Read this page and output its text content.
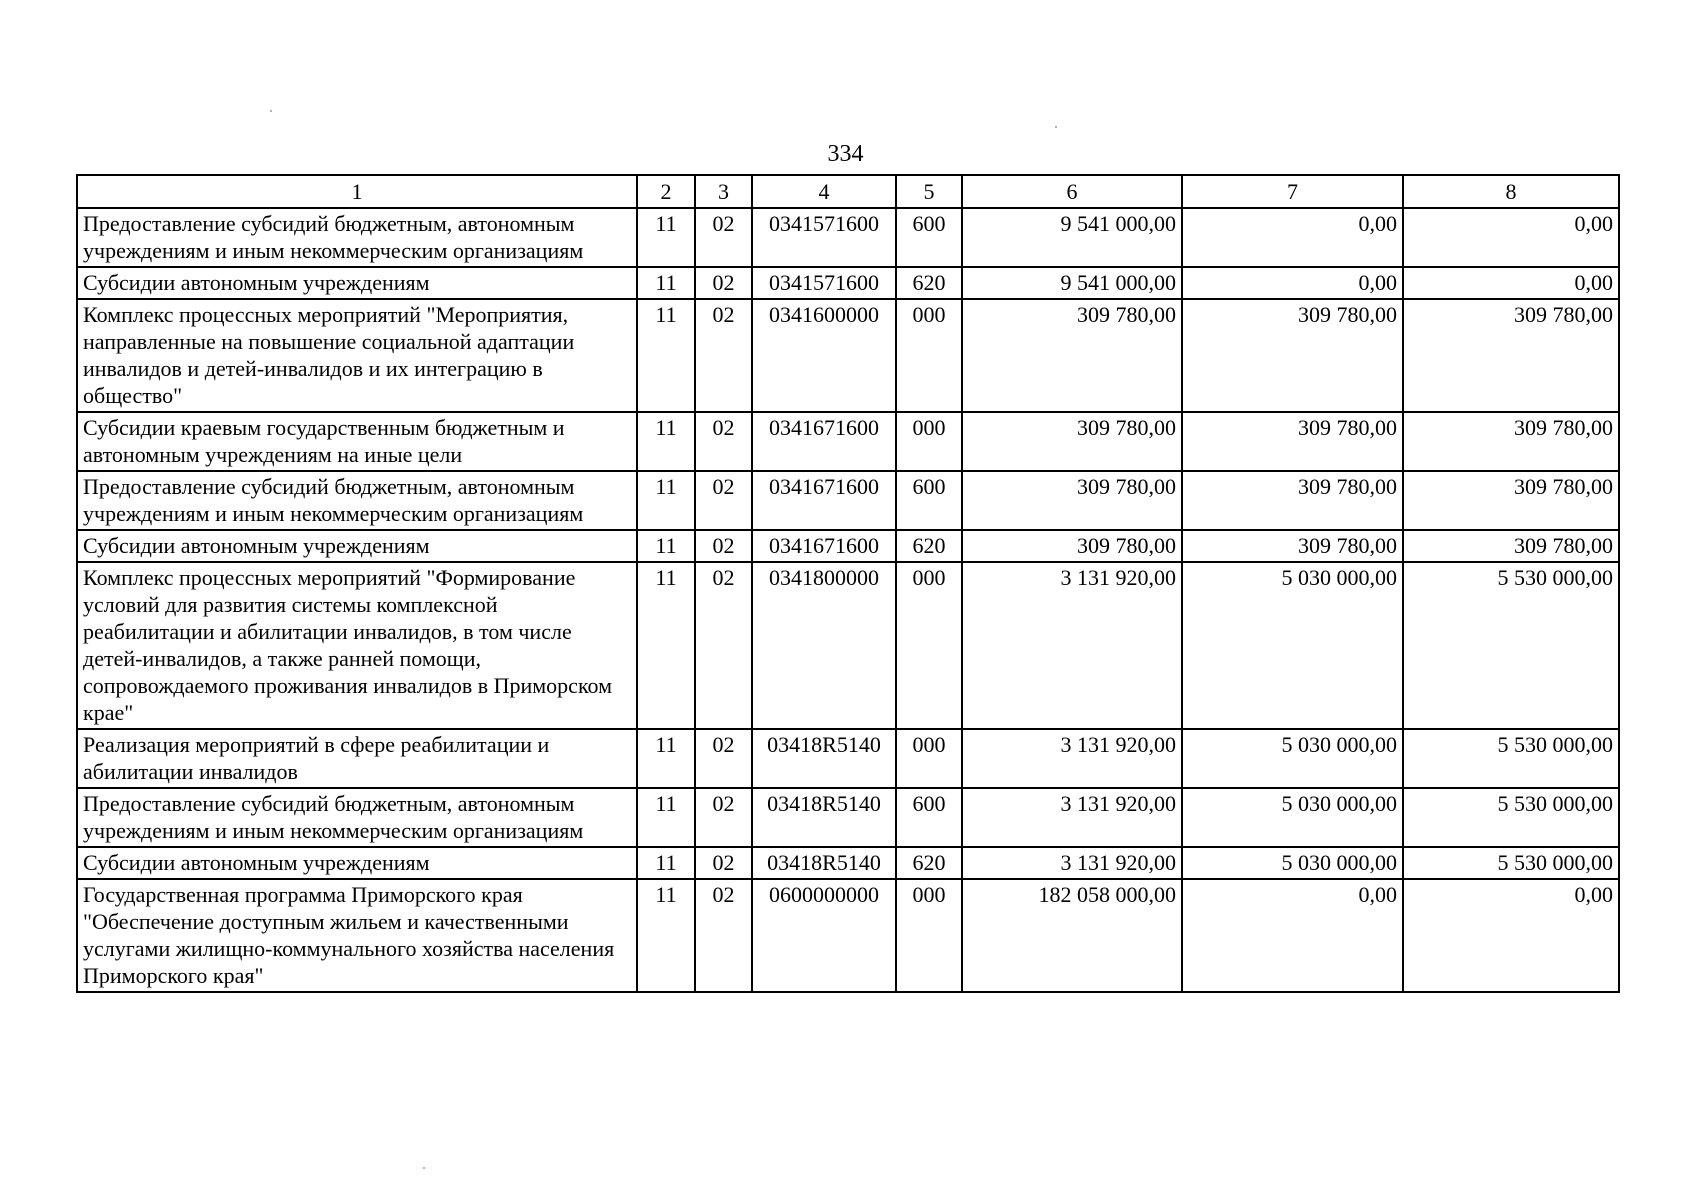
334
1	2	3	4	5	6	7	8
Предоставление субсидий бюджетным, автономным учреждениям и иным некоммерческим организациям	11	02	0341571600	600	9 541 000,00	0,00	0,00
Субсидии автономным учреждениям	11	02	0341571600	620	9 541 000,00	0,00	0,00
Комплекс процессных мероприятий "Мероприятия, направленные на повышение социальной адаптации инвалидов и детей-инвалидов и их интеграцию в общество"	11	02	0341600000	000	309 780,00	309 780,00	309 780,00
Субсидии краевым государственным бюджетным и автономным учреждениям на иные цели	11	02	0341671600	000	309 780,00	309 780,00	309 780,00
Предоставление субсидий бюджетным, автономным учреждениям и иным некоммерческим организациям	11	02	0341671600	600	309 780,00	309 780,00	309 780,00
Субсидии автономным учреждениям	11	02	0341671600	620	309 780,00	309 780,00	309 780,00
Комплекс процессных мероприятий "Формирование условий для развития системы комплексной реабилитации и абилитации инвалидов, в том числе детей-инвалидов, а также ранней помощи, сопровождаемого проживания инвалидов в Приморском крае"	11	02	0341800000	000	3 131 920,00	5 030 000,00	5 530 000,00
Реализация мероприятий в сфере реабилитации и абилитации инвалидов	11	02	03418R5140	000	3 131 920,00	5 030 000,00	5 530 000,00
Предоставление субсидий бюджетным, автономным учреждениям и иным некоммерческим организациям	11	02	03418R5140	600	3 131 920,00	5 030 000,00	5 530 000,00
Субсидии автономным учреждениям	11	02	03418R5140	620	3 131 920,00	5 030 000,00	5 530 000,00
Государственная программа Приморского края "Обеспечение доступным жильем и качественными услугами жилищно-коммунального хозяйства населения Приморского края"	11	02	0600000000	000	182 058 000,00	0,00	0,00
